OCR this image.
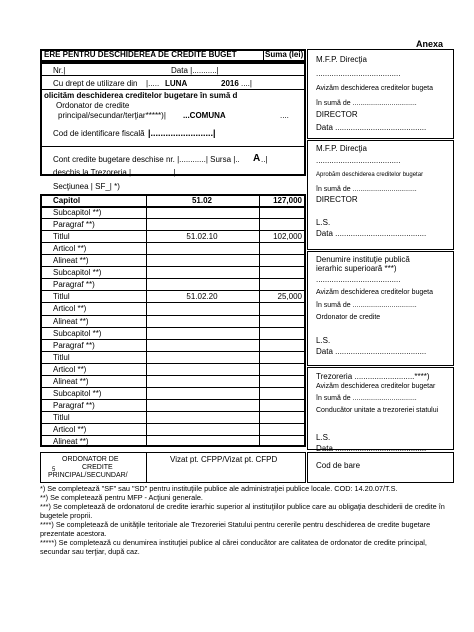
Anexa
ERE PENTRU DESCHIDEREA DE CREDITE BUGET	Suma (lei)
Nr.|	Data |...........|
Cu drept de utilizare din |..... LUNA	2016 ....|
olicităm deschiderea creditelor bugetare în sumă d
Ordonator de credite
principal/secundar/terţiar*****)| ...COMUNA	....
Cod de identificare fiscală |.........................|
Cont credite bugetare deschise nr. |............| Sursa |.. A ..|
deschis la Trezoreria |...................|
Secţiunea | SF_| *)
Capitol	51.02	127,000
Subcapitol **)
Paragraf **)
Titlul	51.02.10	102,000
Articol **)
Alineat **)
Subcapitol **)
Paragraf **)
Titlul	51.02.20	25,000
Articol **)
Alineat **)
Subcapitol **)
Paragraf **)
Titlul
Articol **)
Alineat **)
Subcapitol **)
Paragraf **)
Titlul
Articol **)
Alineat **)
ORDONATOR DE
CREDITE
PRINCIPAL/SECUNDAR/
5
Vizat pt. CFPP/Vizat pt. CFPD
M.F.P. Direcţia
......................................
Avizăm deschiderea creditelor bugeta
în sumă de .................................
DIRECTOR
Data .........................................
M.F.P. Direcţia
......................................
Aprobăm deschiderea creditelor bugetar
în sumă de .................................
DIRECTOR
L.S.
Data .........................................
Denumire instituţie publică
ierarhic superioară ***)
......................................
Avizăm deschiderea creditelor bugeta
în sumă de .................................
Ordonator de credite
L.S.
Data .........................................
Trezoreria ...........................****)
Avizăm deschiderea creditelor bugetar
în sumă de .................................
Conducător unitate a trezoreriei statului
L.S.
Data .........................................
Cod de bare
*) Se completează "SF" sau "SD" pentru instituţiile publice ale administraţiei publice locale. COD: 14.20.07/T.S.
**) Se completează pentru MFP - Acţiuni generale.
***) Se completează de ordonatorul de credite ierarhic superior al instituţiilor publice care au obligaţia deschiderii de credite în bugetele proprii.
****) Se completează de unităţile teritoriale ale Trezoreriei Statului pentru cererile pentru deschiderea de credite bugetare prezentate acestora.
*****) Se completează cu denumirea instituţiei publice al cărei conducător are calitatea de ordonator de credite principal, secundar sau terţiar, după caz.
